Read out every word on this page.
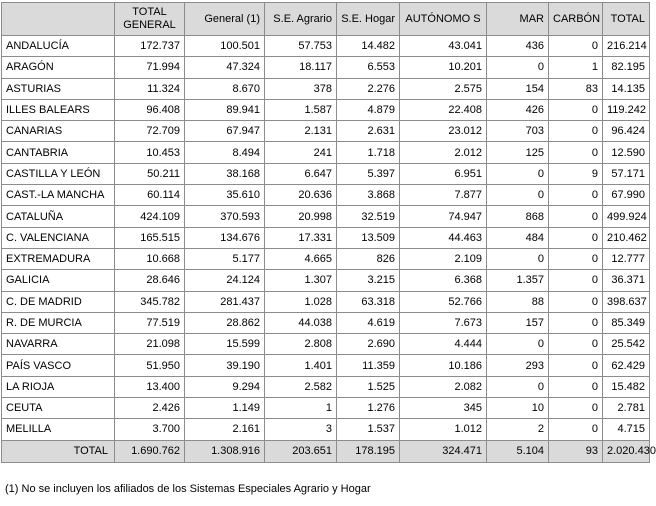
	TOTAL GENERAL	General (1)	S.E. Agrario	S.E. Hogar	AUTÓNOMO S	MAR	CARBÓN	TOTAL
ANDALUCÍA	172.737	100.501	57.753	14.482	43.041	436	0	216.214
ARAGÓN	71.994	47.324	18.117	6.553	10.201	0	1	82.195
ASTURIAS	11.324	8.670	378	2.276	2.575	154	83	14.135
ILLES BALEARS	96.408	89.941	1.587	4.879	22.408	426	0	119.242
CANARIAS	72.709	67.947	2.131	2.631	23.012	703	0	96.424
CANTABRIA	10.453	8.494	241	1.718	2.012	125	0	12.590
CASTILLA Y LEÓN	50.211	38.168	6.647	5.397	6.951	0	9	57.171
CAST.-LA MANCHA	60.114	35.610	20.636	3.868	7.877	0	0	67.990
CATALUÑA	424.109	370.593	20.998	32.519	74.947	868	0	499.924
C. VALENCIANA	165.515	134.676	17.331	13.509	44.463	484	0	210.462
EXTREMADURA	10.668	5.177	4.665	826	2.109	0	0	12.777
GALICIA	28.646	24.124	1.307	3.215	6.368	1.357	0	36.371
C. DE MADRID	345.782	281.437	1.028	63.318	52.766	88	0	398.637
R. DE MURCIA	77.519	28.862	44.038	4.619	7.673	157	0	85.349
NAVARRA	21.098	15.599	2.808	2.690	4.444	0	0	25.542
PAÍS VASCO	51.950	39.190	1.401	11.359	10.186	293	0	62.429
LA RIOJA	13.400	9.294	2.582	1.525	2.082	0	0	15.482
CEUTA	2.426	1.149	1	1.276	345	10	0	2.781
MELILLA	3.700	2.161	3	1.537	1.012	2	0	4.715
TOTAL	1.690.762	1.308.916	203.651	178.195	324.471	5.104	93	2.020.430
(1) No se incluyen los afiliados de los Sistemas Especiales Agrario y Hogar
